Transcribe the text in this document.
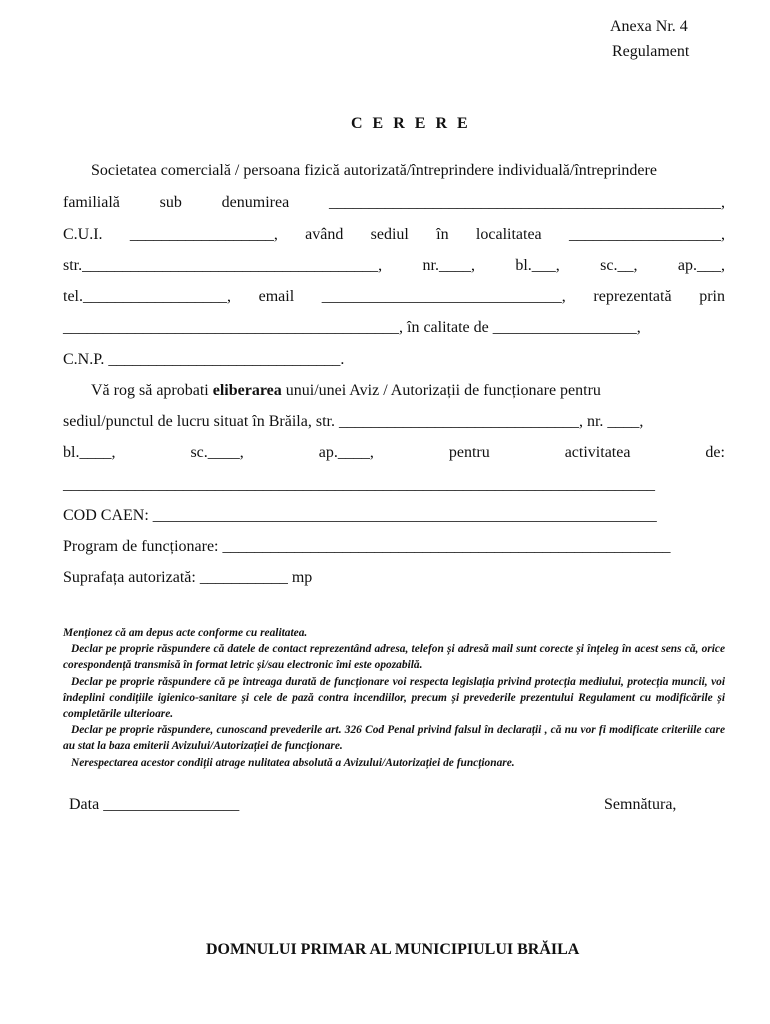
Anexa Nr. 4
Regulament
C E R E R E
Societatea comercială / persoana fizică autorizată/întreprindere individuală/întreprindere
familială sub denumirea _________________________________________________,
C.U.I. __________________, având sediul în localitatea ___________________,
str._____________________________________,	nr.____,	bl.___,	sc.__,	ap.___,
tel.__________________, email ______________________________, reprezentată prin
__________________________________________, în calitate de __________________,
C.N.P. _____________________________.
Vă rog să aprobati eliberarea unui/unei Aviz / Autorizații de funcționare pentru
sediul/punctul de lucru situat în Brăila, str. ______________________________, nr. ____,
bl.____,	sc.____,	ap.____,	pentru	activitatea	de:
__________________________________________________________________________
COD CAEN: _______________________________________________________________
Program de funcționare: ________________________________________________________
Suprafața autorizată: ___________ mp
Menționez că am depus acte conforme cu realitatea.
Declar pe proprie răspundere că datele de contact reprezentând adresa, telefon și adresă mail sunt corecte și înțeleg în acest sens că, orice corespondență transmisă în format letric și/sau electronic îmi este opozabilă.
Declar pe proprie răspundere că pe întreaga durată de funcționare voi respecta legislația privind protecția mediului, protecția muncii, voi îndeplini condițiile igienico-sanitare și cele de pază contra incendiilor, precum și prevederile prezentului Regulament cu modificările și completările ulterioare.
Declar pe proprie răspundere, cunoscand prevederile art. 326 Cod Penal privind falsul în declarații , că nu vor fi modificate criteriile care au stat la baza emiterii Avizului/Autorizației de funcționare.
Nerespectarea acestor condiții atrage nulitatea absolută a Avizului/Autorizației de funcționare.
Data _________________	Semnătura,
DOMNULUI PRIMAR AL MUNICIPIULUI BRĂILA
